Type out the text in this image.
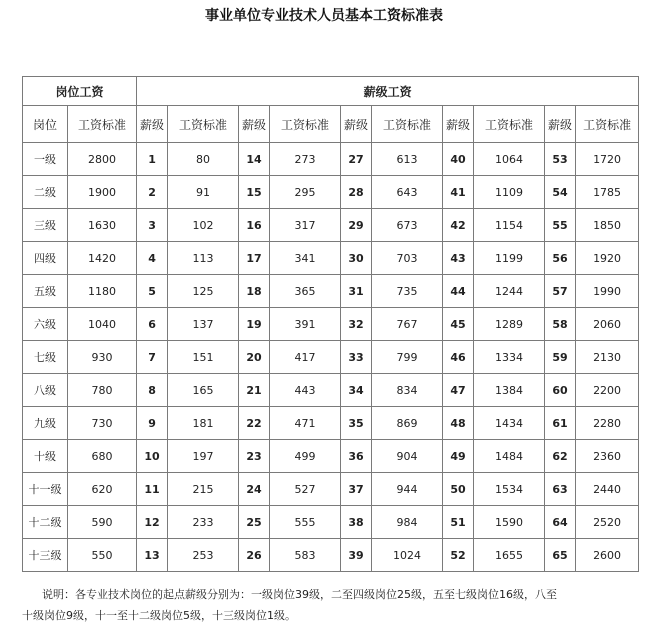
事业单位专业技术人员基本工资标准表
岗位工资		薪级工资									
岗位	工资标准	薪级	工资标准	薪级	工资标准	薪级	工资标准	薪级	工资标准	薪级	工资标准
一级	2800	1	80	14	273	27	613	40	1064	53	1720
二级	1900	2	91	15	295	28	643	41	1109	54	1785
三级	1630	3	102	16	317	29	673	42	1154	55	1850
四级	1420	4	113	17	341	30	703	43	1199	56	1920
五级	1180	5	125	18	365	31	735	44	1244	57	1990
六级	1040	6	137	19	391	32	767	45	1289	58	2060
七级	930	7	151	20	417	33	799	46	1334	59	2130
八级	780	8	165	21	443	34	834	47	1384	60	2200
九级	730	9	181	22	471	35	869	48	1434	61	2280
十级	680	10	197	23	499	36	904	49	1484	62	2360
十一级	620	11	215	24	527	37	944	50	1534	63	2440
十二级	590	12	233	25	555	38	984	51	1590	64	2520
十三级	550	13	253	26	583	39	1024	52	1655	65	2600
说明：各专业技术岗位的起点薪级分别为：一级岗位39级，二至四级岗位25级，五至七级岗位16级，八至
十级岗位9级，十一至十二级岗位5级，十三级岗位1级。
